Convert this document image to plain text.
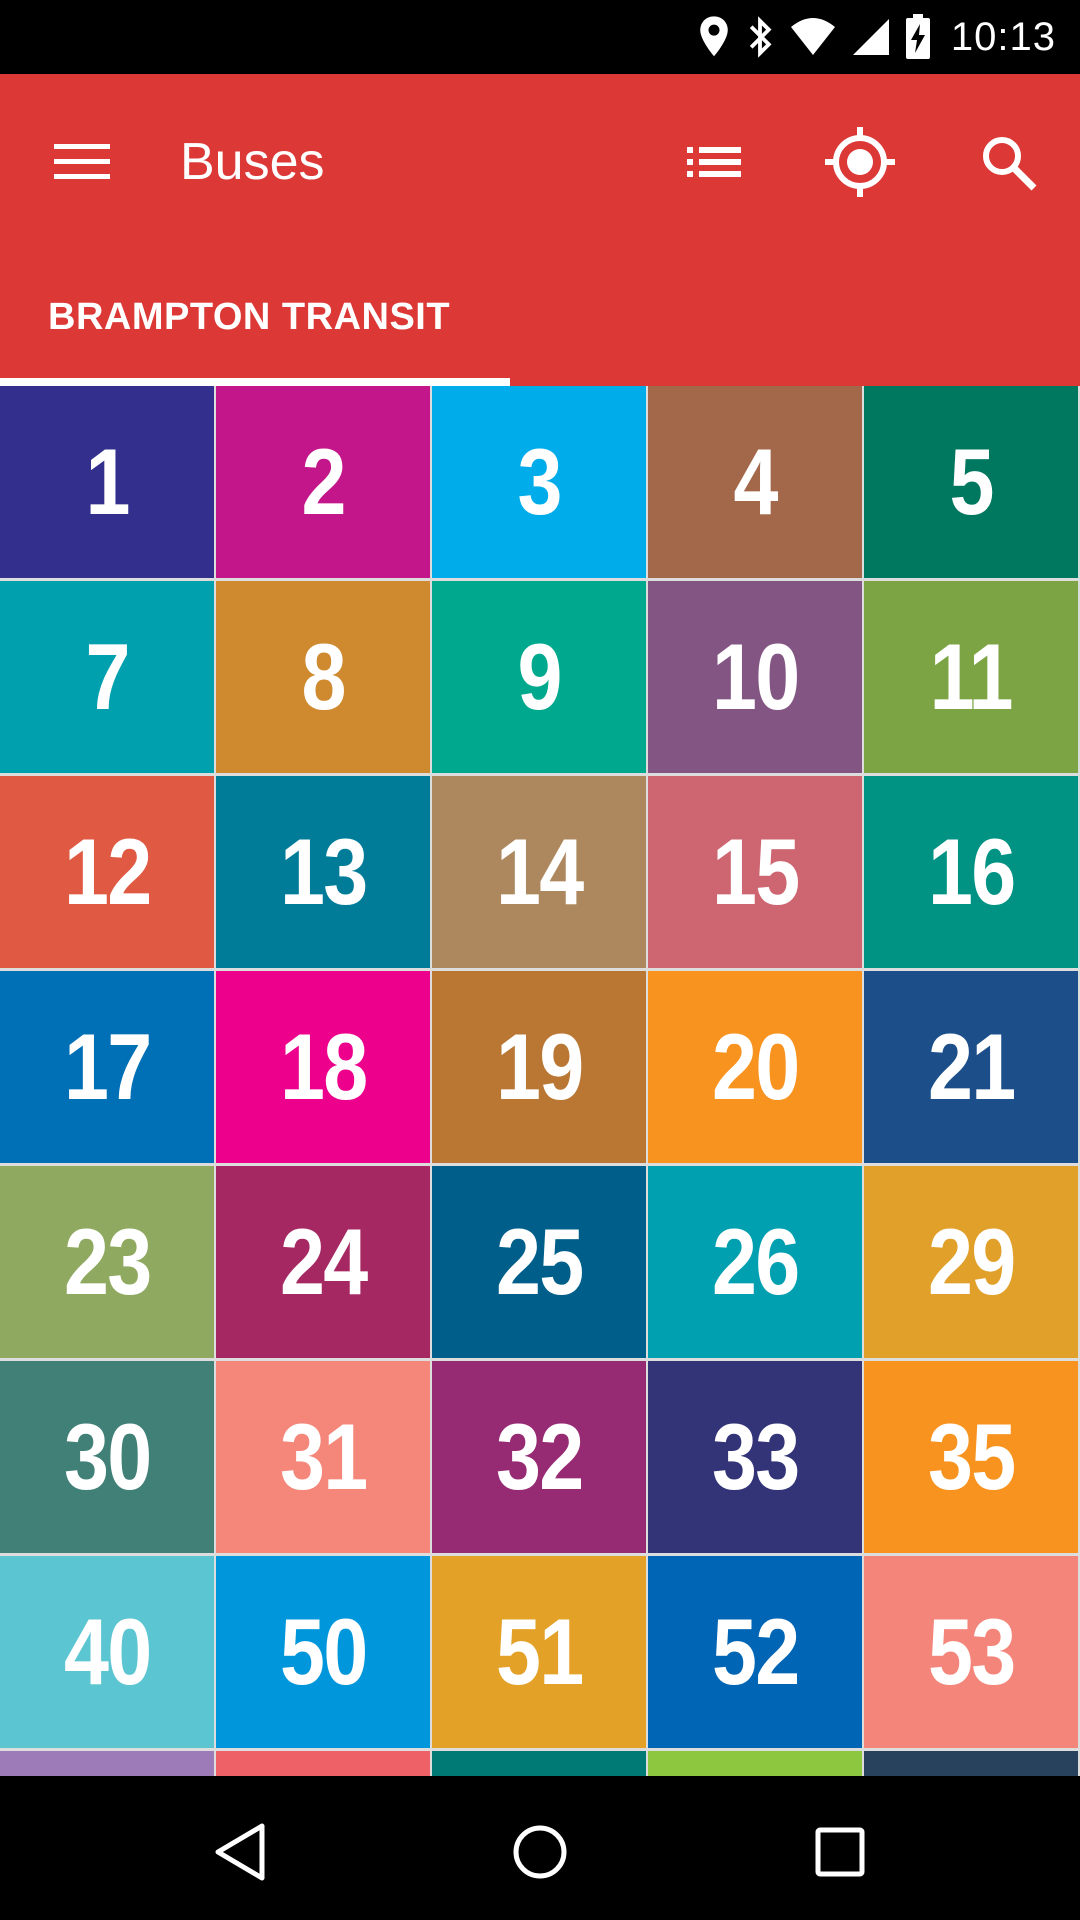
10:13
Buses
BRAMPTON TRANSIT
1 2 3 4 5
7 8 9 10 11
12 13 14 15 16
17 18 19 20 21
23 24 25 26 29
30 31 32 33 35
40 50 51 52 53
